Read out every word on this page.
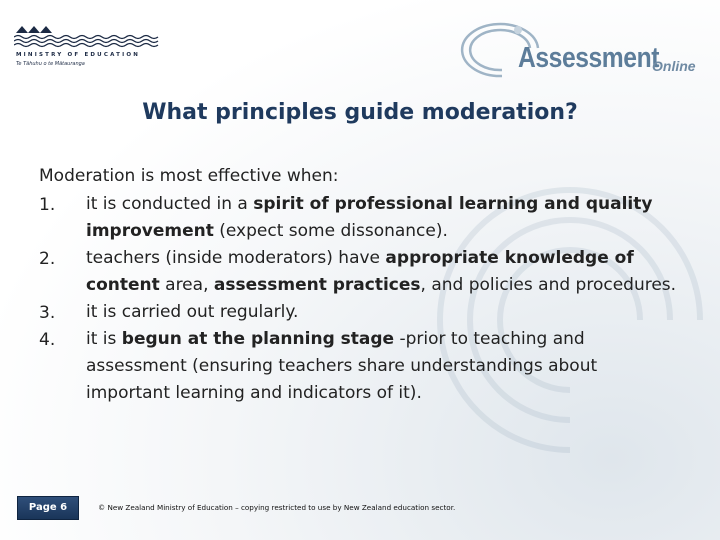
MINISTRY OF EDUCATION
Te Tāhuhu o te Mātauranga	Assessment
Online
What principles guide moderation?
Moderation is most effective when:
1. it is conducted in a spirit of professional learning and quality improvement (expect some dissonance).
2. teachers (inside moderators) have appropriate knowledge of content area, assessment practices, and policies and procedures.
3. it is carried out regularly.
4. it is begun at the planning stage -prior to teaching and assessment (ensuring teachers share understandings about important learning and indicators of it).
Page 6	© New Zealand Ministry of Education – copying restricted to use by New Zealand education sector.
